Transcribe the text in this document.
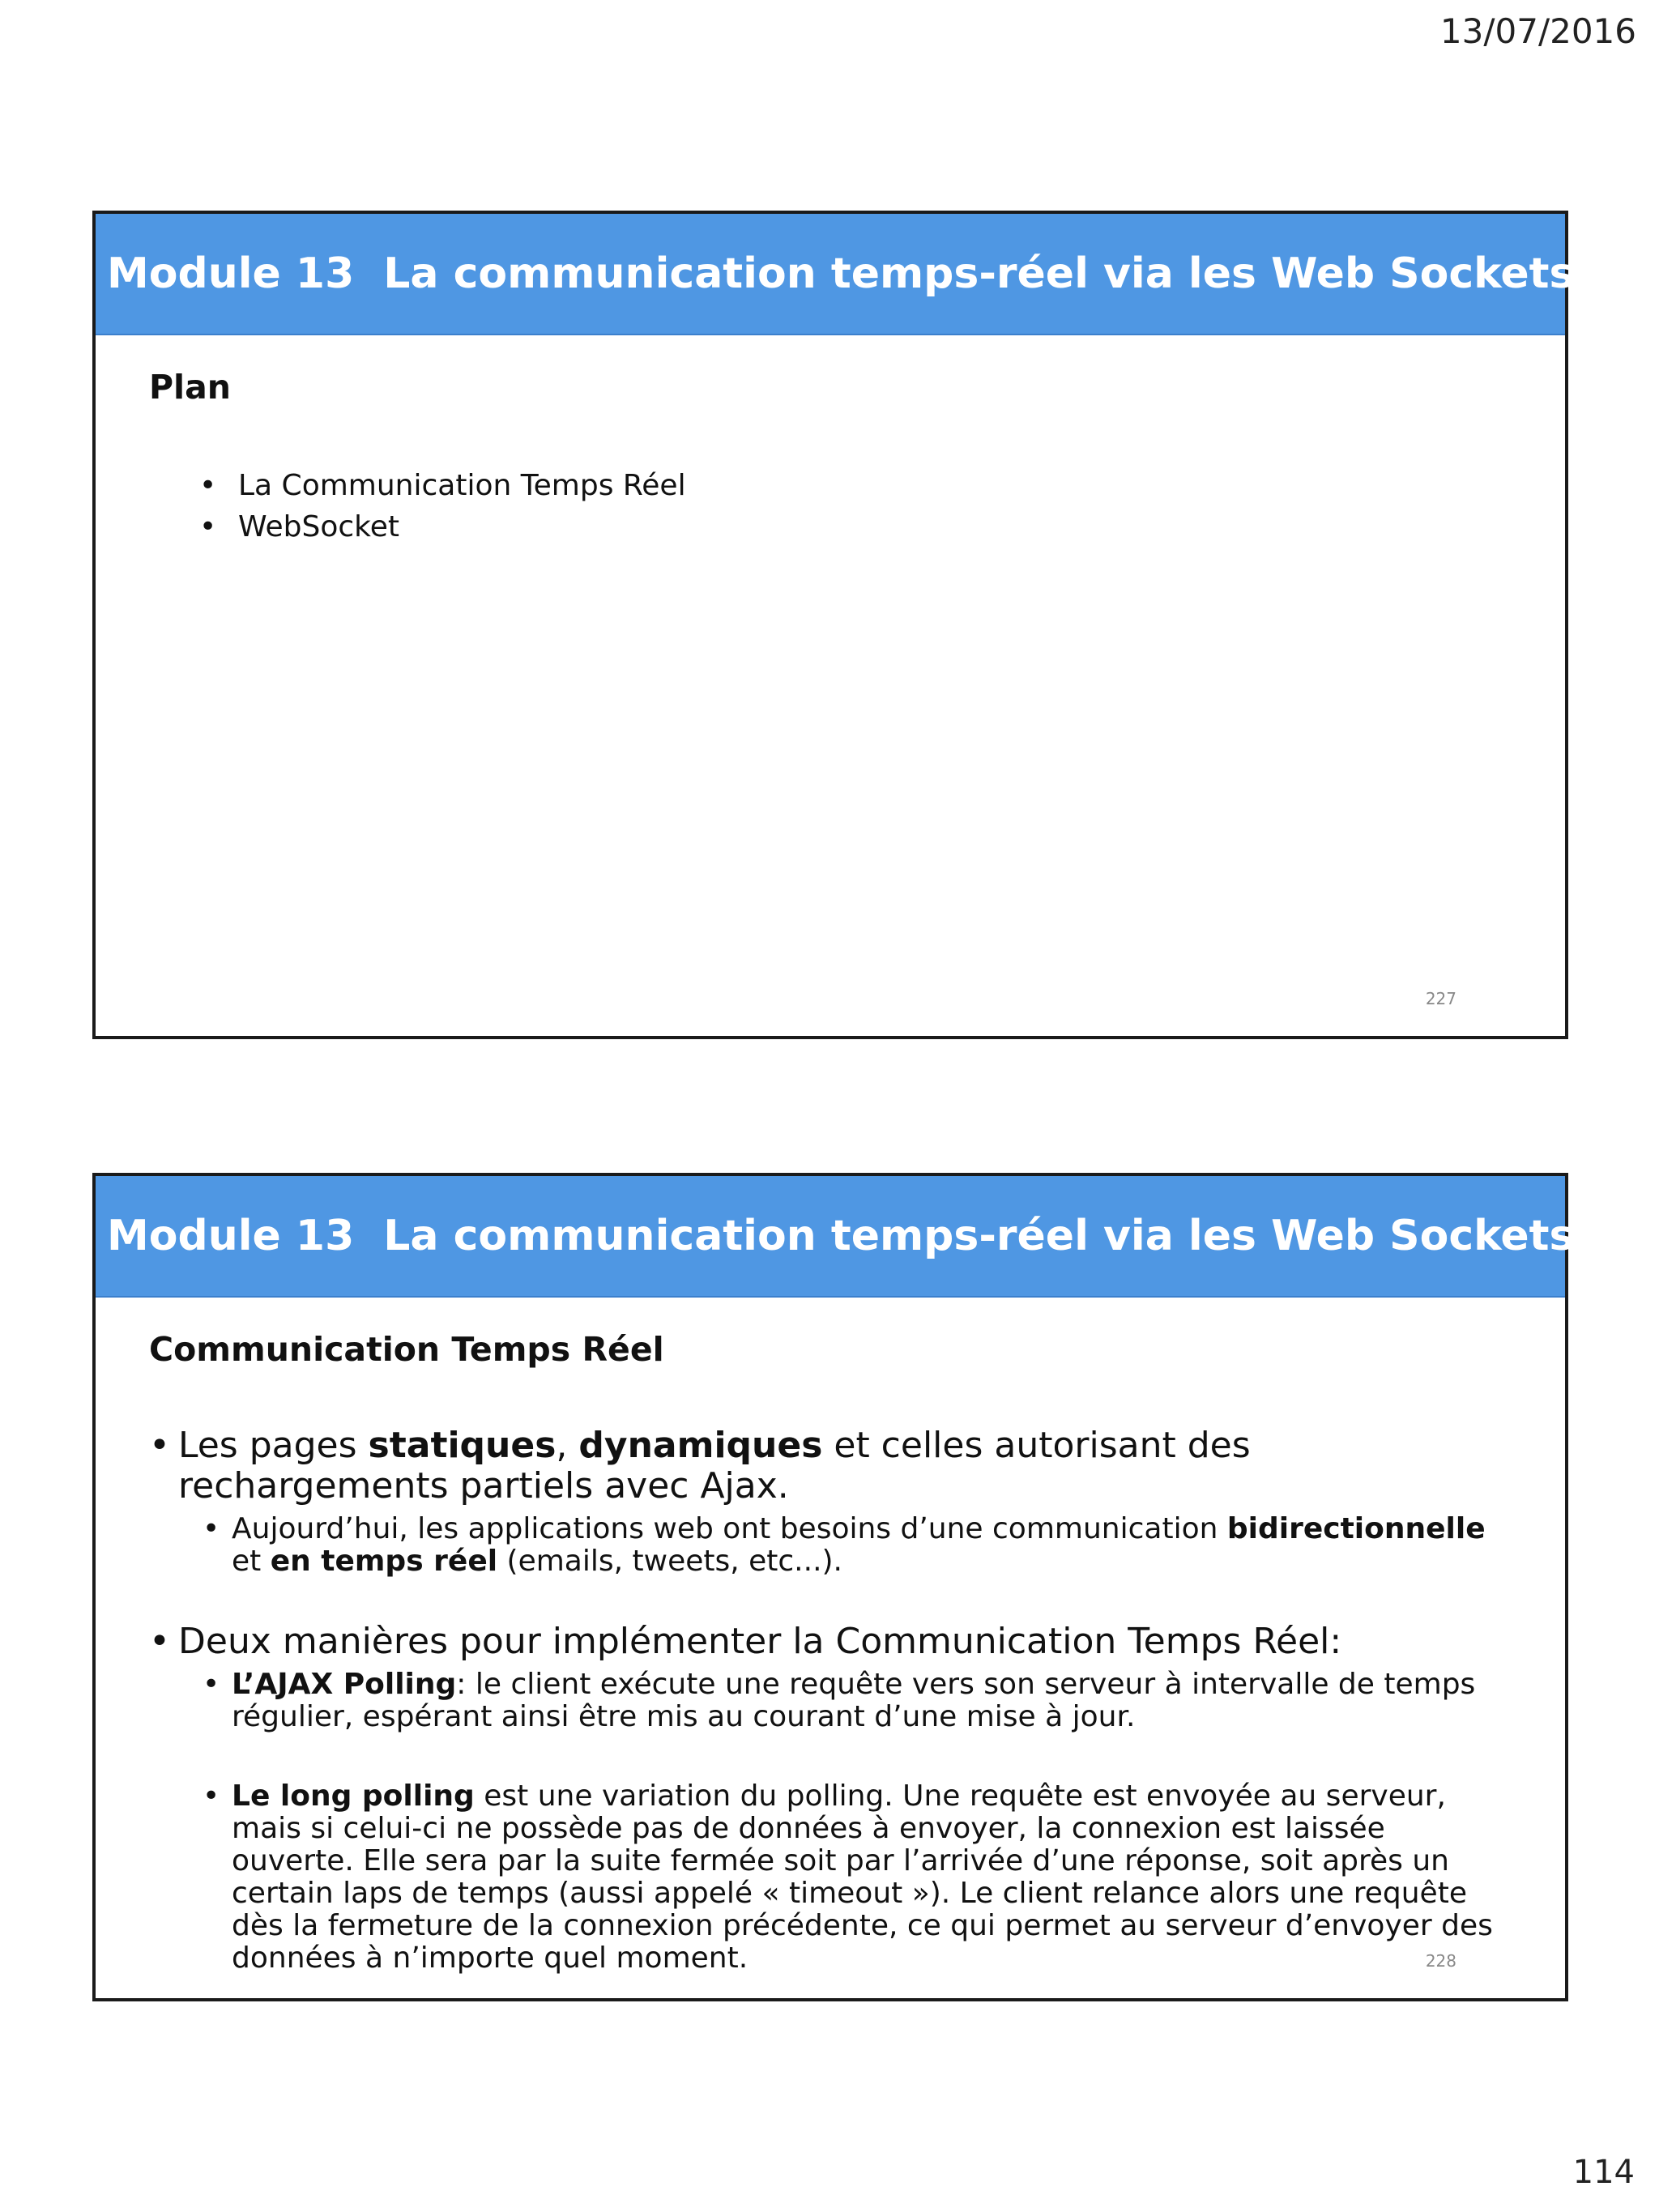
13/07/2016
Module 13 La communication temps-réel via les Web Sockets
Plan
• La Communication Temps Réel
• WebSocket
227
Module 13 La communication temps-réel via les Web Sockets
Communication Temps Réel
• Les pages statiques, dynamiques et celles autorisant des rechargements partiels avec Ajax.
• Aujourd’hui, les applications web ont besoins d’une communication bidirectionnelle et en temps réel (emails, tweets, etc...).
• Deux manières pour implémenter la Communication Temps Réel:
• L’AJAX Polling: le client exécute une requête vers son serveur à intervalle de temps régulier, espérant ainsi être mis au courant d’une mise à jour.
• Le long polling est une variation du polling. Une requête est envoyée au serveur, mais si celui-ci ne possède pas de données à envoyer, la connexion est laissée ouverte. Elle sera par la suite fermée soit par l’arrivée d’une réponse, soit après un certain laps de temps (aussi appelé « timeout »). Le client relance alors une requête dès la fermeture de la connexion précédente, ce qui permet au serveur d’envoyer des données à n’importe quel moment.	228
114
